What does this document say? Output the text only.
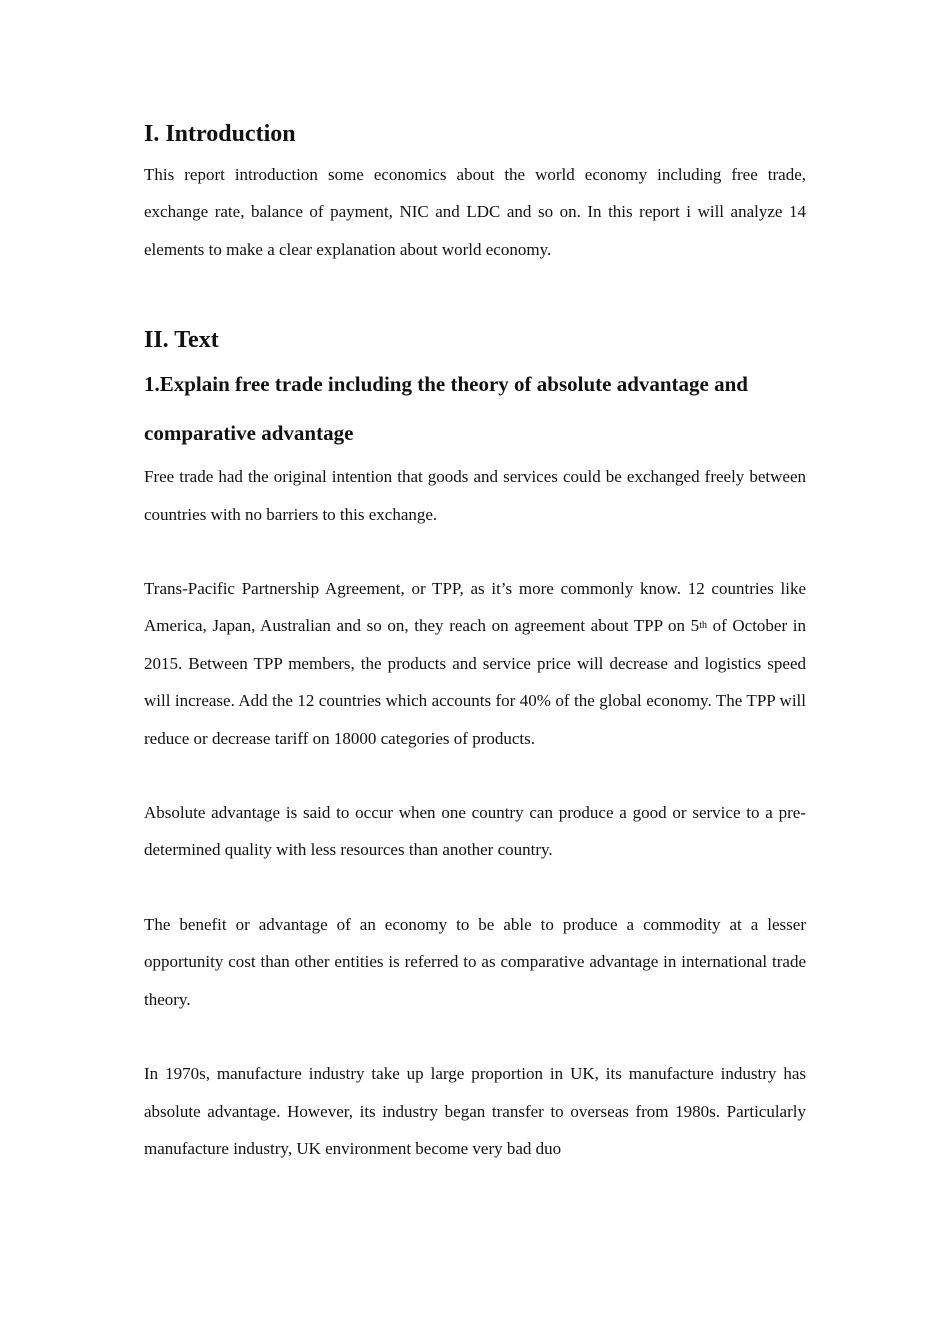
I. Introduction

This report introduction some economics about the world economy including free trade, exchange rate, balance of payment, NIC and LDC and so on. In this report i will analyze 14 elements to make a clear explanation about world economy.

II. Text
1.Explain free trade including the theory of absolute advantage and comparative advantage

Free trade had the original intention that goods and services could be exchanged freely between countries with no barriers to this exchange.

Trans-Pacific Partnership Agreement, or TPP, as it’s more commonly know. 12 countries like America, Japan, Australian and so on, they reach on agreement about TPP on 5th of October in 2015. Between TPP members, the products and service price will decrease and logistics speed will increase. Add the 12 countries which accounts for 40% of the global economy. The TPP will reduce or decrease tariff on 18000 categories of products.

Absolute advantage is said to occur when one country can produce a good or service to a pre-determined quality with less resources than another country.

The benefit or advantage of an economy to be able to produce a commodity at a lesser opportunity cost than other entities is referred to as comparative advantage in international trade theory.

In 1970s, manufacture industry take up large proportion in UK, its manufacture industry has absolute advantage. However, its industry began transfer to overseas from 1980s. Particularly manufacture industry, UK environment become very bad duo
